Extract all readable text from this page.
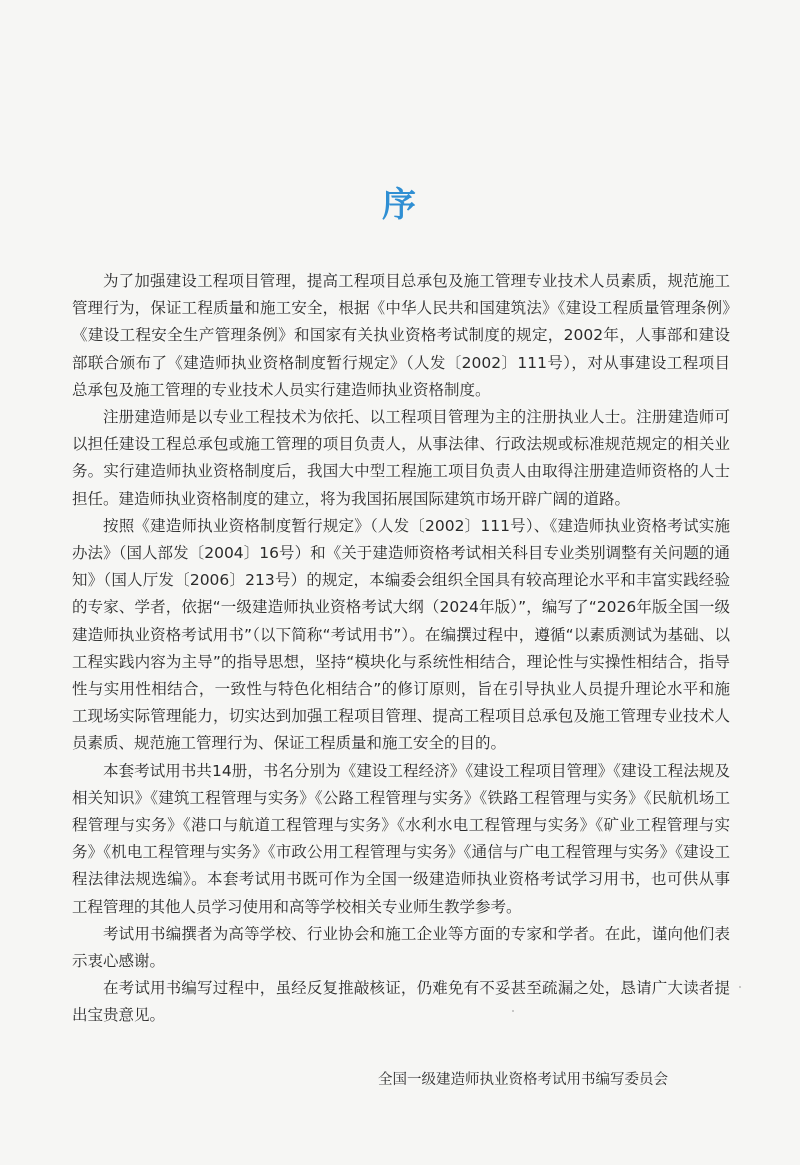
序

为了加强建设工程项目管理，提高工程项目总承包及施工管理专业技术人员素质，规范施工管理行为，保证工程质量和施工安全，根据《中华人民共和国建筑法》《建设工程质量管理条例》《建设工程安全生产管理条例》和国家有关执业资格考试制度的规定，2002年，人事部和建设部联合颁布了《建造师执业资格制度暂行规定》（人发〔2002〕111号），对从事建设工程项目总承包及施工管理的专业技术人员实行建造师执业资格制度。

注册建造师是以专业工程技术为依托、以工程项目管理为主的注册执业人士。注册建造师可以担任建设工程总承包或施工管理的项目负责人，从事法律、行政法规或标准规范规定的相关业务。实行建造师执业资格制度后，我国大中型工程施工项目负责人由取得注册建造师资格的人士担任。建造师执业资格制度的建立，将为我国拓展国际建筑市场开辟广阔的道路。

按照《建造师执业资格制度暂行规定》（人发〔2002〕111号）、《建造师执业资格考试实施办法》（国人部发〔2004〕16号）和《关于建造师资格考试相关科目专业类别调整有关问题的通知》（国人厅发〔2006〕213号）的规定，本编委会组织全国具有较高理论水平和丰富实践经验的专家、学者，依据“一级建造师执业资格考试大纲（2024年版）”，编写了“2026年版全国一级建造师执业资格考试用书”（以下简称“考试用书”）。在编撰过程中，遵循“以素质测试为基础、以工程实践内容为主导”的指导思想，坚持“模块化与系统性相结合，理论性与实操性相结合，指导性与实用性相结合，一致性与特色化相结合”的修订原则，旨在引导执业人员提升理论水平和施工现场实际管理能力，切实达到加强工程项目管理、提高工程项目总承包及施工管理专业技术人员素质、规范施工管理行为、保证工程质量和施工安全的目的。

本套考试用书共14册，书名分别为《建设工程经济》《建设工程项目管理》《建设工程法规及相关知识》《建筑工程管理与实务》《公路工程管理与实务》《铁路工程管理与实务》《民航机场工程管理与实务》《港口与航道工程管理与实务》《水利水电工程管理与实务》《矿业工程管理与实务》《机电工程管理与实务》《市政公用工程管理与实务》《通信与广电工程管理与实务》《建设工程法律法规选编》。本套考试用书既可作为全国一级建造师执业资格考试学习用书，也可供从事工程管理的其他人员学习使用和高等学校相关专业师生教学参考。

考试用书编撰者为高等学校、行业协会和施工企业等方面的专家和学者。在此，谨向他们表示衷心感谢。

在考试用书编写过程中，虽经反复推敲核证，仍难免有不妥甚至疏漏之处，恳请广大读者提出宝贵意见。

全国一级建造师执业资格考试用书编写委员会
